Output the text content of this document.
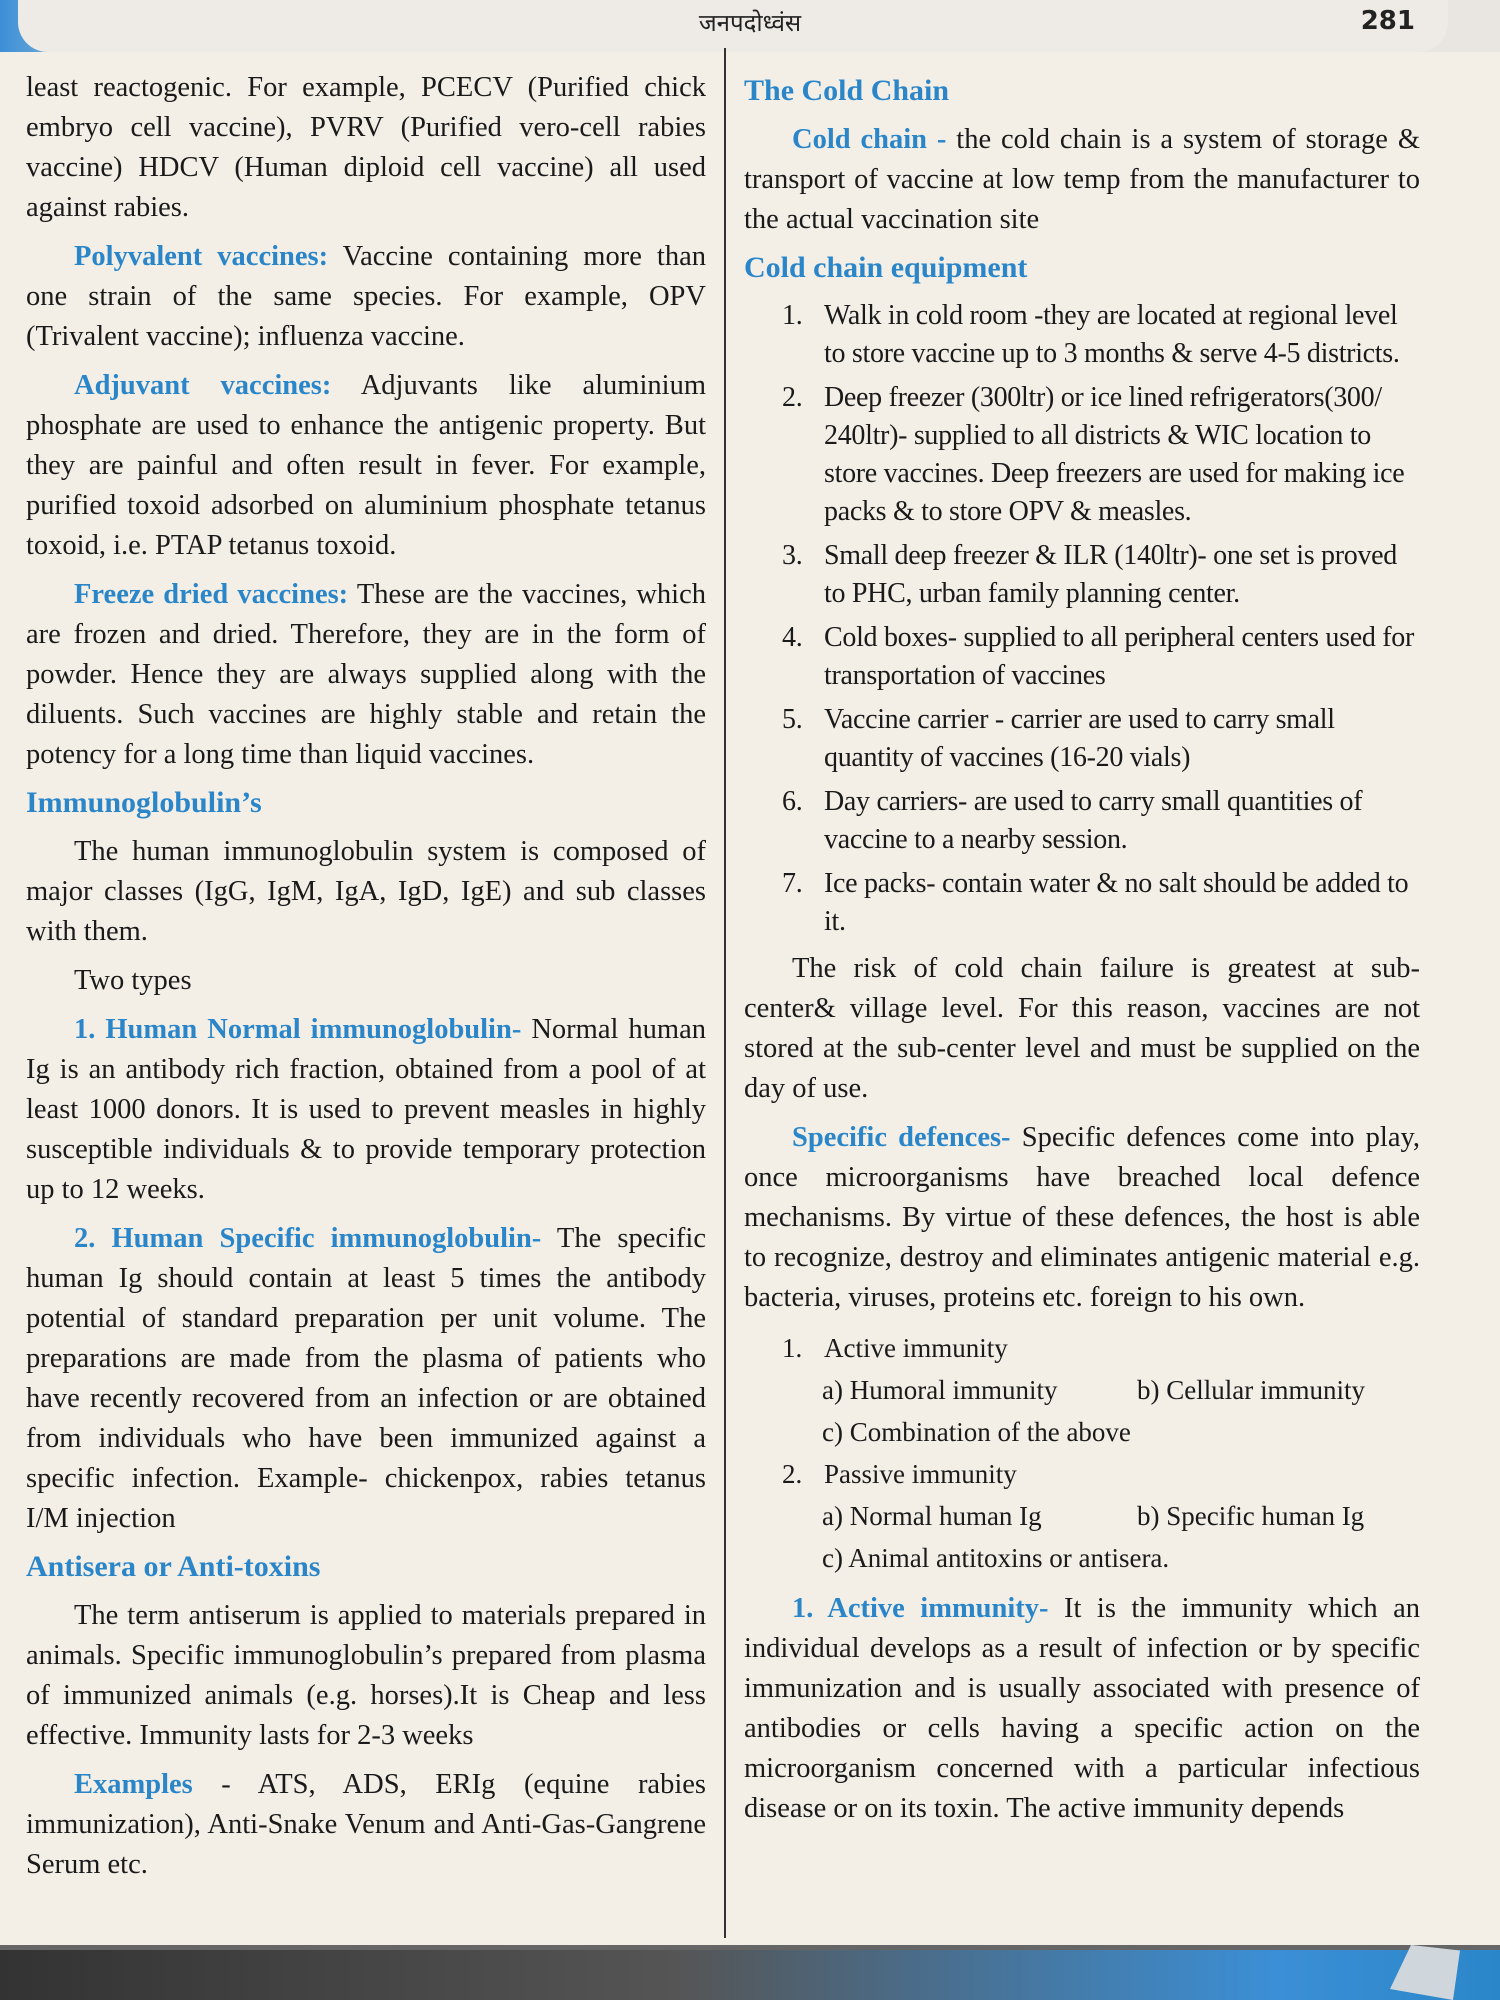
जनपदोध्वंस	281

least reactogenic. For example, PCECV (Purified chick embryo cell vaccine), PVRV (Purified vero-cell rabies vaccine) HDCV (Human diploid cell vaccine) all used against rabies.

Polyvalent vaccines: Vaccine containing more than one strain of the same species. For example, OPV (Trivalent vaccine); influenza vaccine.

Adjuvant vaccines: Adjuvants like aluminium phosphate are used to enhance the antigenic property. But they are painful and often result in fever. For example, purified toxoid adsorbed on aluminium phosphate tetanus toxoid, i.e. PTAP tetanus toxoid.

Freeze dried vaccines: These are the vaccines, which are frozen and dried. Therefore, they are in the form of powder. Hence they are always supplied along with the diluents. Such vaccines are highly stable and retain the potency for a long time than liquid vaccines.

Immunoglobulin’s

The human immunoglobulin system is composed of major classes (IgG, IgM, IgA, IgD, IgE) and sub classes with them.

Two types

1. Human Normal immunoglobulin- Normal human Ig is an antibody rich fraction, obtained from a pool of at least 1000 donors. It is used to prevent measles in highly susceptible individuals & to provide temporary protection up to 12 weeks.

2. Human Specific immunoglobulin- The specific human Ig should contain at least 5 times the antibody potential of standard preparation per unit volume. The preparations are made from the plasma of patients who have recently recovered from an infection or are obtained from individuals who have been immunized against a specific infection. Example- chickenpox, rabies tetanus I/M injection

Antisera or Anti-toxins

The term antiserum is applied to materials prepared in animals. Specific immunoglobulin’s prepared from plasma of immunized animals (e.g. horses).It is Cheap and less effective. Immunity lasts for 2-3 weeks

Examples - ATS, ADS, ERIg (equine rabies immunization), Anti-Snake Venum and Anti-Gas-Gangrene Serum etc.

The Cold Chain

Cold chain - the cold chain is a system of storage & transport of vaccine at low temp from the manufacturer to the actual vaccination site

Cold chain equipment
1. Walk in cold room -they are located at regional level to store vaccine up to 3 months & serve 4-5 districts.
2. Deep freezer (300ltr) or ice lined refrigerators(300/ 240ltr)- supplied to all districts & WIC location to store vaccines. Deep freezers are used for making ice packs & to store OPV & measles.
3. Small deep freezer & ILR (140ltr)- one set is proved to PHC, urban family planning center.
4. Cold boxes- supplied to all peripheral centers used for transportation of vaccines
5. Vaccine carrier - carrier are used to carry small quantity of vaccines (16-20 vials)
6. Day carriers- are used to carry small quantities of vaccine to a nearby session.
7. Ice packs- contain water & no salt should be added to it.

The risk of cold chain failure is greatest at sub-center& village level. For this reason, vaccines are not stored at the sub-center level and must be supplied on the day of use.

Specific defences- Specific defences come into play, once microorganisms have breached local defence mechanisms. By virtue of these defences, the host is able to recognize, destroy and eliminates antigenic material e.g. bacteria, viruses, proteins etc. foreign to his own.

1. Active immunity
a) Humoral immunity	b) Cellular immunity
c) Combination of the above
2. Passive immunity
a) Normal human Ig	b) Specific human Ig
c) Animal antitoxins or antisera.

1. Active immunity- It is the immunity which an individual develops as a result of infection or by specific immunization and is usually associated with presence of antibodies or cells having a specific action on the microorganism concerned with a particular infectious disease or on its toxin. The active immunity depends
